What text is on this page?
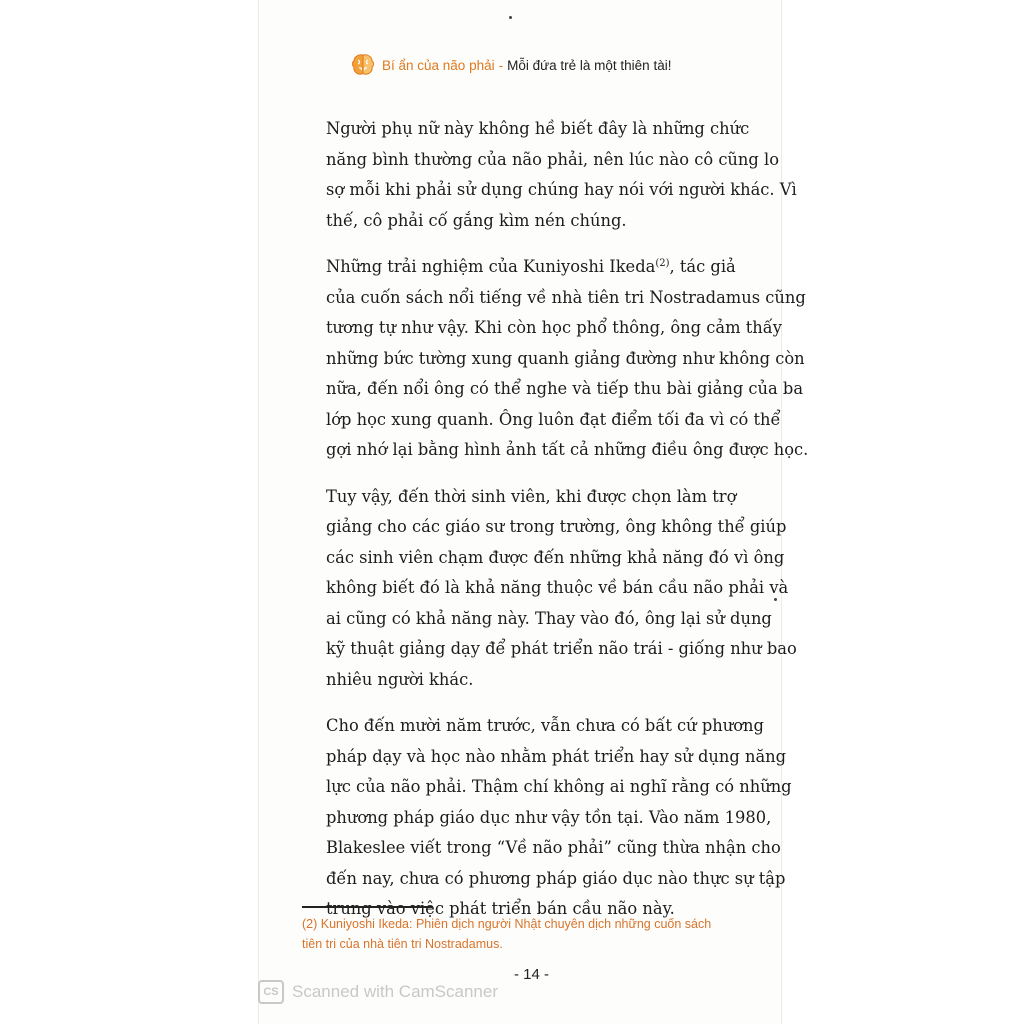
Bí ẩn của não phải - Mỗi đứa trẻ là một thiên tài!

Người phụ nữ này không hề biết đây là những chức
năng bình thường của não phải, nên lúc nào cô cũng lo
sợ mỗi khi phải sử dụng chúng hay nói với người khác. Vì
thế, cô phải cố gắng kìm nén chúng.

Những trải nghiệm của Kuniyoshi Ikeda$^{(2)}$, tác giả
của cuốn sách nổi tiếng về nhà tiên tri Nostradamus cũng
tương tự như vậy. Khi còn học phổ thông, ông cảm thấy
những bức tường xung quanh giảng đường như không còn
nữa, đến nổi ông có thể nghe và tiếp thu bài giảng của ba
lớp học xung quanh. Ông luôn đạt điểm tối đa vì có thể
gợi nhớ lại bằng hình ảnh tất cả những điều ông được học.

Tuy vậy, đến thời sinh viên, khi được chọn làm trợ
giảng cho các giáo sư trong trường, ông không thể giúp
các sinh viên chạm được đến những khả năng đó vì ông
không biết đó là khả năng thuộc về bán cầu não phải và
ai cũng có khả năng này. Thay vào đó, ông lại sử dụng
kỹ thuật giảng dạy để phát triển não trái - giống như bao
nhiêu người khác.

Cho đến mười năm trước, vẫn chưa có bất cứ phương
pháp dạy và học nào nhằm phát triển hay sử dụng năng
lực của não phải. Thậm chí không ai nghĩ rằng có những
phương pháp giáo dục như vậy tồn tại. Vào năm 1980,
Blakeslee viết trong “Về não phải” cũng thừa nhận cho
đến nay, chưa có phương pháp giáo dục nào thực sự tập
trung vào việc phát triển bán cầu não này.

(2) Kuniyoshi Ikeda: Phiên dịch người Nhật chuyên dịch những cuốn sách
tiên tri của nhà tiên tri Nostradamus.
- 14 -
CS Scanned with CamScanner
